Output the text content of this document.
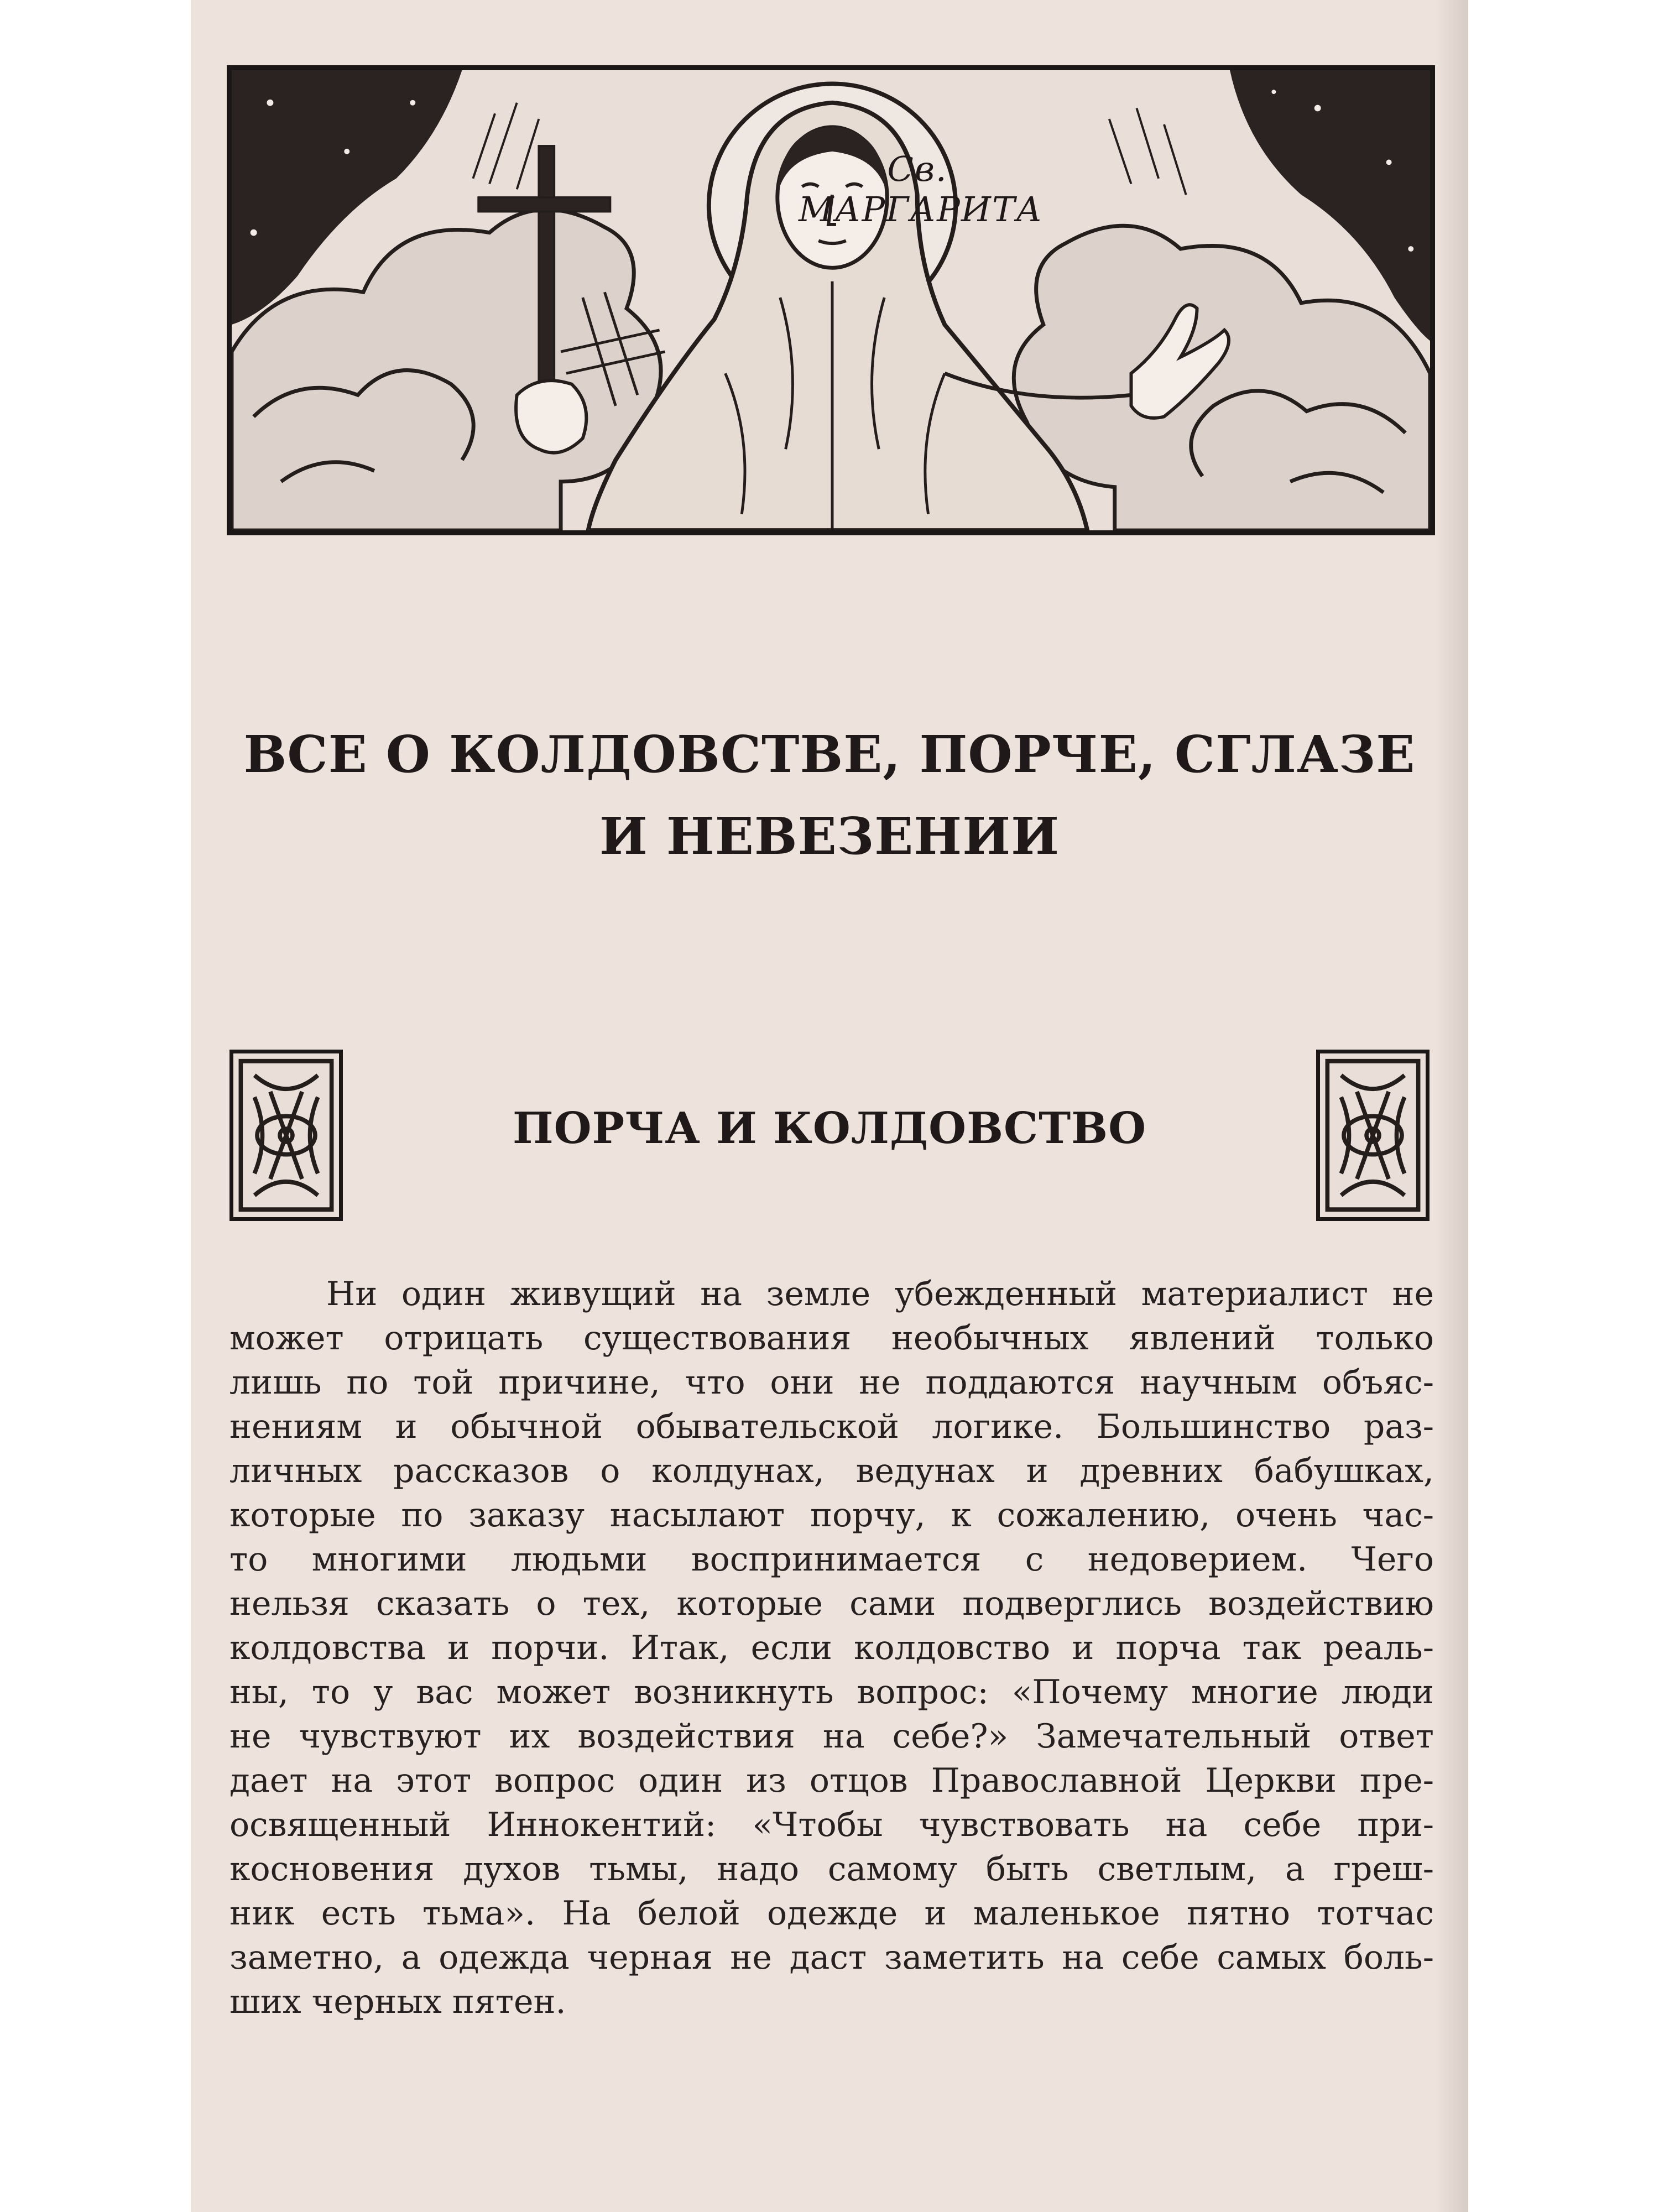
Св. МАРГАРИТА
ВСЕ О КОЛДОВСТВЕ, ПОРЧЕ, СГЛАЗЕ
И НЕВЕЗЕНИИ
ПОРЧА И КОЛДОВСТВО

Ни один живущий на земле убежденный материалист не
может отрицать существования необычных явлений только
лишь по той причине, что они не поддаются научным объяс-
нениям и обычной обывательской логике. Большинство раз-
личных рассказов о колдунах, ведунах и древних бабушках,
которые по заказу насылают порчу, к сожалению, очень час-
то многими людьми воспринимается с недоверием. Чего
нельзя сказать о тех, которые сами подверглись воздействию
колдовства и порчи. Итак, если колдовство и порча так реаль-
ны, то у вас может возникнуть вопрос: «Почему многие люди
не чувствуют их воздействия на себе?» Замечательный ответ
дает на этот вопрос один из отцов Православной Церкви пре-
освященный Иннокентий: «Чтобы чувствовать на себе при-
косновения духов тьмы, надо самому быть светлым, а греш-
ник есть тьма». На белой одежде и маленькое пятно тотчас
заметно, а одежда черная не даст заметить на себе самых боль-
ших черных пятен.
